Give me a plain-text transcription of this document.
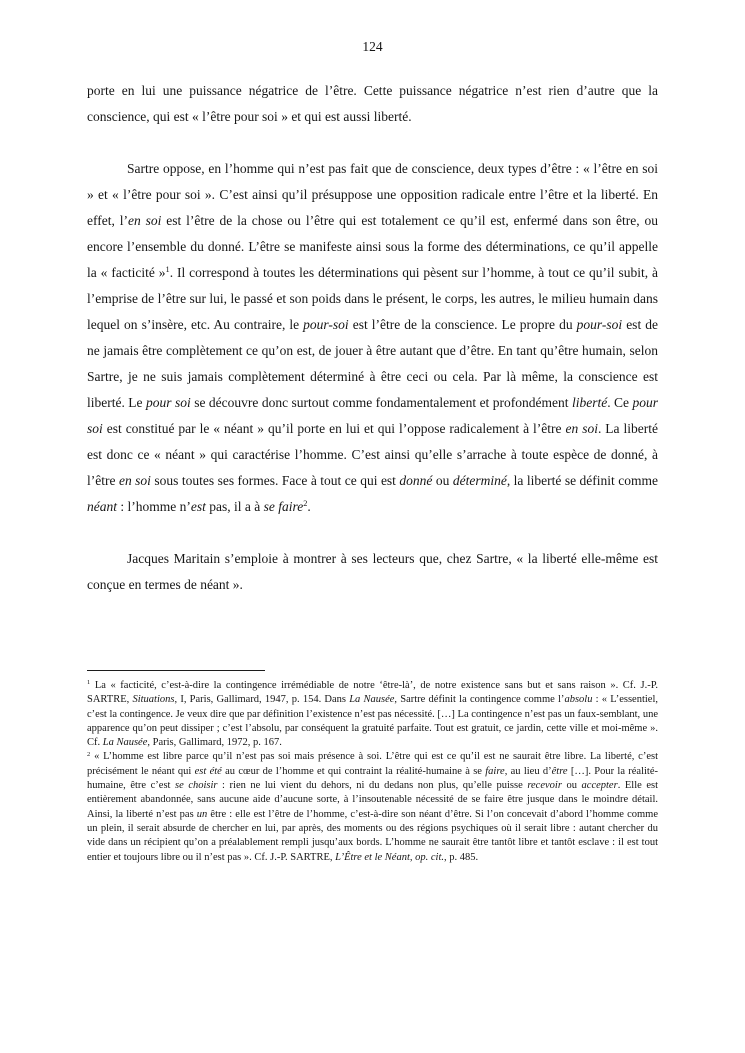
124

porte en lui une puissance négatrice de l’être. Cette puissance négatrice n’est rien d’autre que la conscience, qui est « l’être pour soi » et qui est aussi liberté.

Sartre oppose, en l’homme qui n’est pas fait que de conscience, deux types d’être : « l’être en soi » et « l’être pour soi ». C’est ainsi qu’il présuppose une opposition radicale entre l’être et la liberté. En effet, l’en soi est l’être de la chose ou l’être qui est totalement ce qu’il est, enfermé dans son être, ou encore l’ensemble du donné. L’être se manifeste ainsi sous la forme des déterminations, ce qu’il appelle la « facticité »$^1$. Il correspond à toutes les déterminations qui pèsent sur l’homme, à tout ce qu’il subit, à l’emprise de l’être sur lui, le passé et son poids dans le présent, le corps, les autres, le milieu humain dans lequel on s’insère, etc. Au contraire, le pour-soi est l’être de la conscience. Le propre du pour-soi est de ne jamais être complètement ce qu’on est, de jouer à être autant que d’être. En tant qu’être humain, selon Sartre, je ne suis jamais complètement déterminé à être ceci ou cela. Par là même, la conscience est liberté. Le pour soi se découvre donc surtout comme fondamentalement et profondément liberté. Ce pour soi est constitué par le « néant » qu’il porte en lui et qui l’oppose radicalement à l’être en soi. La liberté est donc ce « néant » qui caractérise l’homme. C’est ainsi qu’elle s’arrache à toute espèce de donné, à l’être en soi sous toutes ses formes. Face à tout ce qui est donné ou déterminé, la liberté se définit comme néant : l’homme n’est pas, il a à se faire$^2$.

Jacques Maritain s’emploie à montrer à ses lecteurs que, chez Sartre, « la liberté elle-même est conçue en termes de néant ».

$^1$ La « facticité, c’est-à-dire la contingence irrémédiable de notre ‘être-là’, de notre existence sans but et sans raison ». Cf. J.-P. SARTRE, Situations, I, Paris, Gallimard, 1947, p. 154. Dans La Nausée, Sartre définit la contingence comme l’absolu : « L’essentiel, c’est la contingence. Je veux dire que par définition l’existence n’est pas nécessité. […] La contingence n’est pas un faux-semblant, une apparence qu’on peut dissiper ; c’est l’absolu, par conséquent la gratuité parfaite. Tout est gratuit, ce jardin, cette ville et moi-même ». Cf. La Nausée, Paris, Gallimard, 1972, p. 167.

$^2$ « L’homme est libre parce qu’il n’est pas soi mais présence à soi. L’être qui est ce qu’il est ne saurait être libre. La liberté, c’est précisément le néant qui est été au cœur de l’homme et qui contraint la réalité-humaine à se faire, au lieu d’être […]. Pour la réalité-humaine, être c’est se choisir : rien ne lui vient du dehors, ni du dedans non plus, qu’elle puisse recevoir ou accepter. Elle est entièrement abandonnée, sans aucune aide d’aucune sorte, à l’insoutenable nécessité de se faire être jusque dans le moindre détail. Ainsi, la liberté n’est pas un être : elle est l’être de l’homme, c’est-à-dire son néant d’être. Si l’on concevait d’abord l’homme comme un plein, il serait absurde de chercher en lui, par après, des moments ou des régions psychiques où il serait libre : autant chercher du vide dans un récipient qu’on a préalablement rempli jusqu’aux bords. L’homme ne saurait être tantôt libre et tantôt esclave : il est tout entier et toujours libre ou il n’est pas ». Cf. J.-P. SARTRE, L’Être et le Néant, op. cit., p. 485.
